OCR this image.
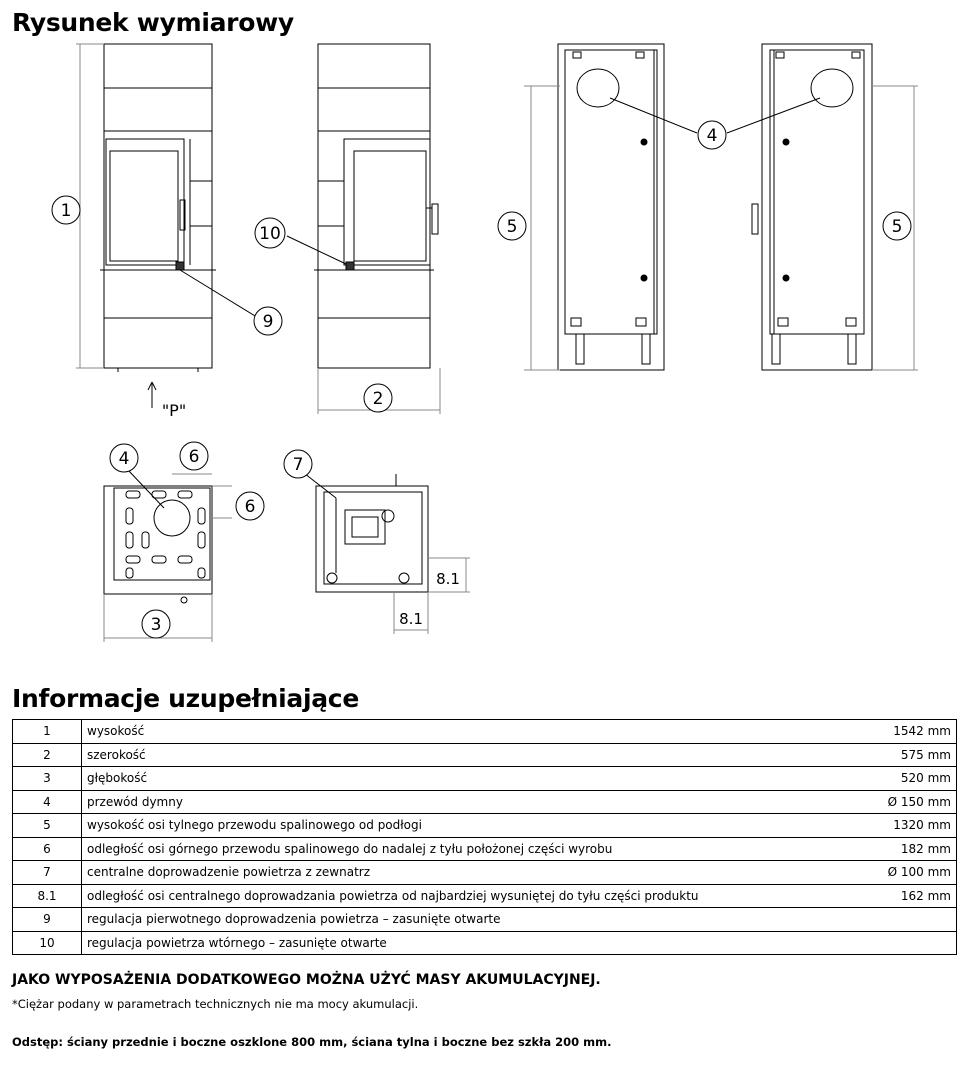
Rysunek wymiarowy
1
2
3
4
4
5	5
6
6
7
9
10
8.1
8.1
"P"
Informacje uzupełniające
1	wysokość	1542 mm
2	szerokość	575 mm
3	głębokość	520 mm
4	przewód dymny	Ø 150 mm
5	wysokość osi tylnego przewodu spalinowego od podłogi	1320 mm
6	odległość osi górnego przewodu spalinowego do nadalej z tyłu położonej części wyrobu	182 mm
7	centralne doprowadzenie powietrza z zewnatrz	Ø 100 mm
8.1	odległość osi centralnego doprowadzania powietrza od najbardziej wysuniętej do tyłu części produktu	162 mm
9	regulacja pierwotnego doprowadzenia powietrza – zasunięte otwarte	
10	regulacja powietrza wtórnego – zasunięte otwarte	
JAKO WYPOSAŻENIA DODATKOWEGO MOŻNA UŻYĆ MASY AKUMULACYJNEJ.
*Ciężar podany w parametrach technicznych nie ma mocy akumulacji.
Odstęp: ściany przednie i boczne oszklone 800 mm, ściana tylna i boczne bez szkła 200 mm.
